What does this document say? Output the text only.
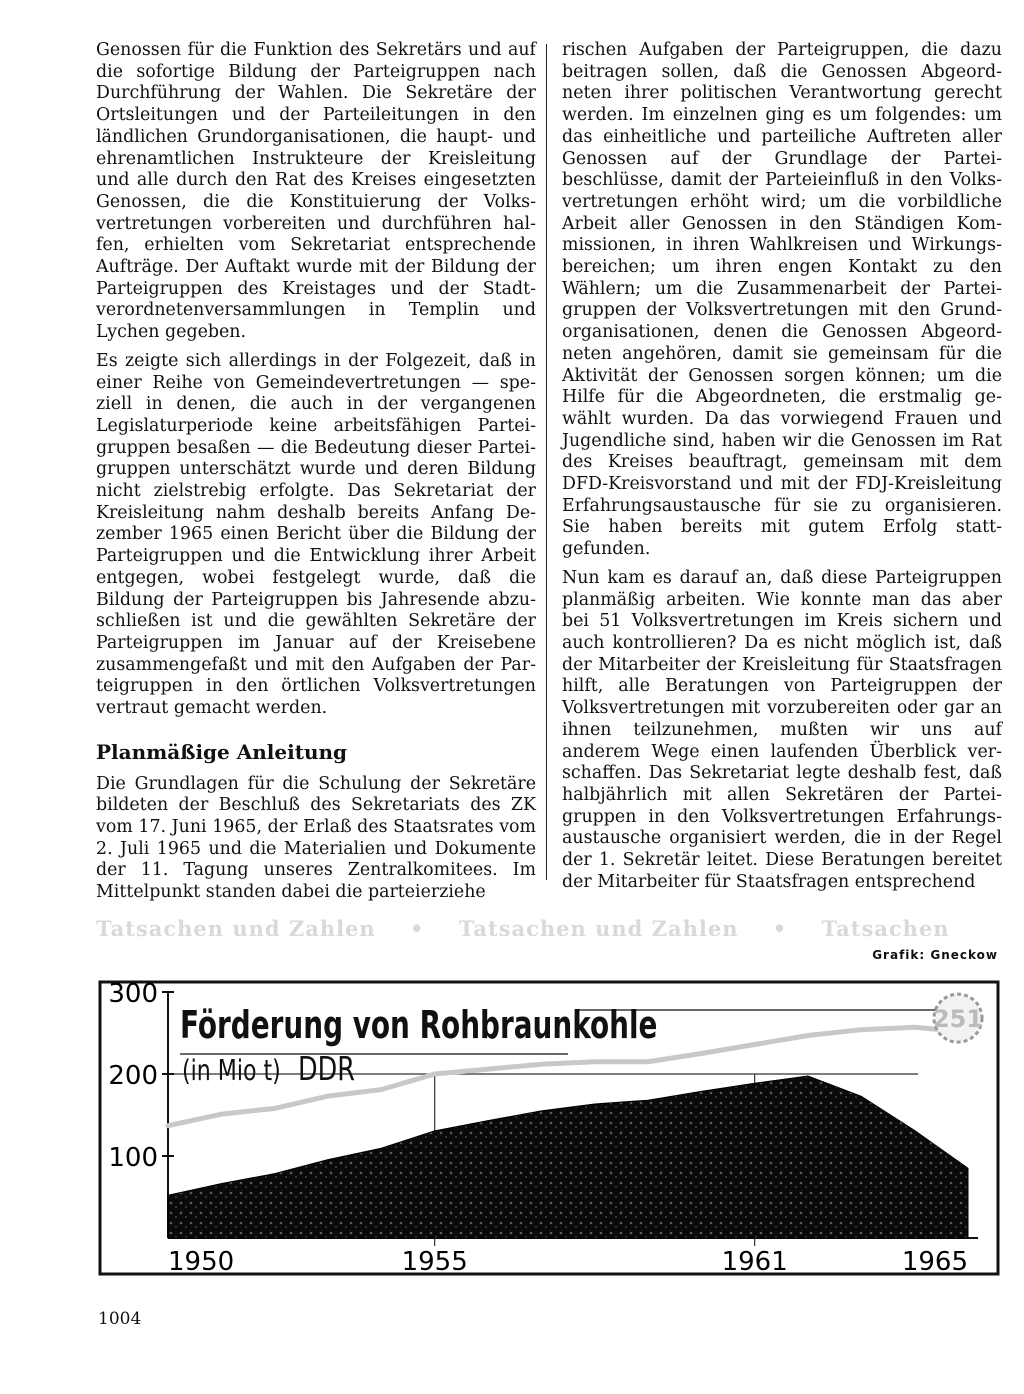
Genossen für die Funktion des Sekretärs und auf die sofortige Bildung der Parteigruppen nach Durchführung der Wahlen. Die Sekretäre der Ortsleitungen und der Parteileitungen in den ländlichen Grundorganisationen, die haupt- und ehrenamtlichen Instrukteure der Kreisleitung und alle durch den Rat des Kreises eingesetzten Genossen, die die Konstituierung der Volksvertretungen vorbereiten und durchführen halfen, erhielten vom Sekretariat entsprechende Aufträge. Der Auftakt wurde mit der Bildung der Parteigruppen des Kreistages und der Stadtverordnetenversammlungen in Templin und Lychen gegeben.

Es zeigte sich allerdings in der Folgezeit, daß in einer Reihe von Gemeindevertretungen — speziell in denen, die auch in der vergangenen Legislaturperiode keine arbeitsfähigen Parteigruppen besaßen — die Bedeutung dieser Parteigruppen unterschätzt wurde und deren Bildung nicht zielstrebig erfolgte. Das Sekretariat der Kreisleitung nahm deshalb bereits Anfang Dezember 1965 einen Bericht über die Bildung der Parteigruppen und die Entwicklung ihrer Arbeit entgegen, wobei festgelegt wurde, daß die Bildung der Parteigruppen bis Jahresende abzuschließen ist und die gewählten Sekretäre der Parteigruppen im Januar auf der Kreisebene zusammengefaßt und mit den Aufgaben der Parteigruppen in den örtlichen Volksvertretungen vertraut gemacht werden.

Planmäßige Anleitung

Die Grundlagen für die Schulung der Sekretäre bildeten der Beschluß des Sekretariats des ZK vom 17. Juni 1965, der Erlaß des Staatsrates vom 2. Juli 1965 und die Materialien und Dokumente der 11. Tagung unseres Zentralkomitees. Im Mittelpunkt standen dabei die parteierziehe

rischen Aufgaben der Parteigruppen, die dazu beitragen sollen, daß die Genossen Abgeordneten ihrer politischen Verantwortung gerecht werden. Im einzelnen ging es um folgendes: um das einheitliche und parteiliche Auftreten aller Genossen auf der Grundlage der Parteibeschlüsse, damit der Parteieinfluß in den Volksvertretungen erhöht wird; um die vorbildliche Arbeit aller Genossen in den Ständigen Kommissionen, in ihren Wahlkreisen und Wirkungsbereichen; um ihren engen Kontakt zu den Wählern; um die Zusammenarbeit der Parteigruppen der Volksvertretungen mit den Grundorganisationen, denen die Genossen Abgeordneten angehören, damit sie gemeinsam für die Aktivität der Genossen sorgen können; um die Hilfe für die Abgeordneten, die erstmalig gewählt wurden. Da das vorwiegend Frauen und Jugendliche sind, haben wir die Genossen im Rat des Kreises beauftragt, gemeinsam mit dem DFD-Kreisvorstand und mit der FDJ-Kreisleitung Erfahrungsaustausche für sie zu organisieren. Sie haben bereits mit gutem Erfolg stattgefunden.

Nun kam es darauf an, daß diese Parteigruppen planmäßig arbeiten. Wie konnte man das aber bei 51 Volksvertretungen im Kreis sichern und auch kontrollieren? Da es nicht möglich ist, daß der Mitarbeiter der Kreisleitung für Staatsfragen hilft, alle Beratungen von Parteigruppen der Volksvertretungen mit vorzubereiten oder gar an ihnen teilzunehmen, mußten wir uns auf anderem Wege einen laufenden Überblick verschaffen. Das Sekretariat legte deshalb fest, daß halbjährlich mit allen Sekretären der Parteigruppen in den Volksvertretungen Erfahrungsaustausche organisiert werden, die in der Regel der 1. Sekretär leitet. Diese Beratungen bereitet der Mitarbeiter für Staatsfragen entsprechend

Tatsachen und Zahlen • Tatsachen und Zahlen • Tatsachen
Grafik: Gneckow
100
200
300
1950	1955	1961	1965
Förderung von Rohbraunkohle
(in Mio t) DDR
251
1004
